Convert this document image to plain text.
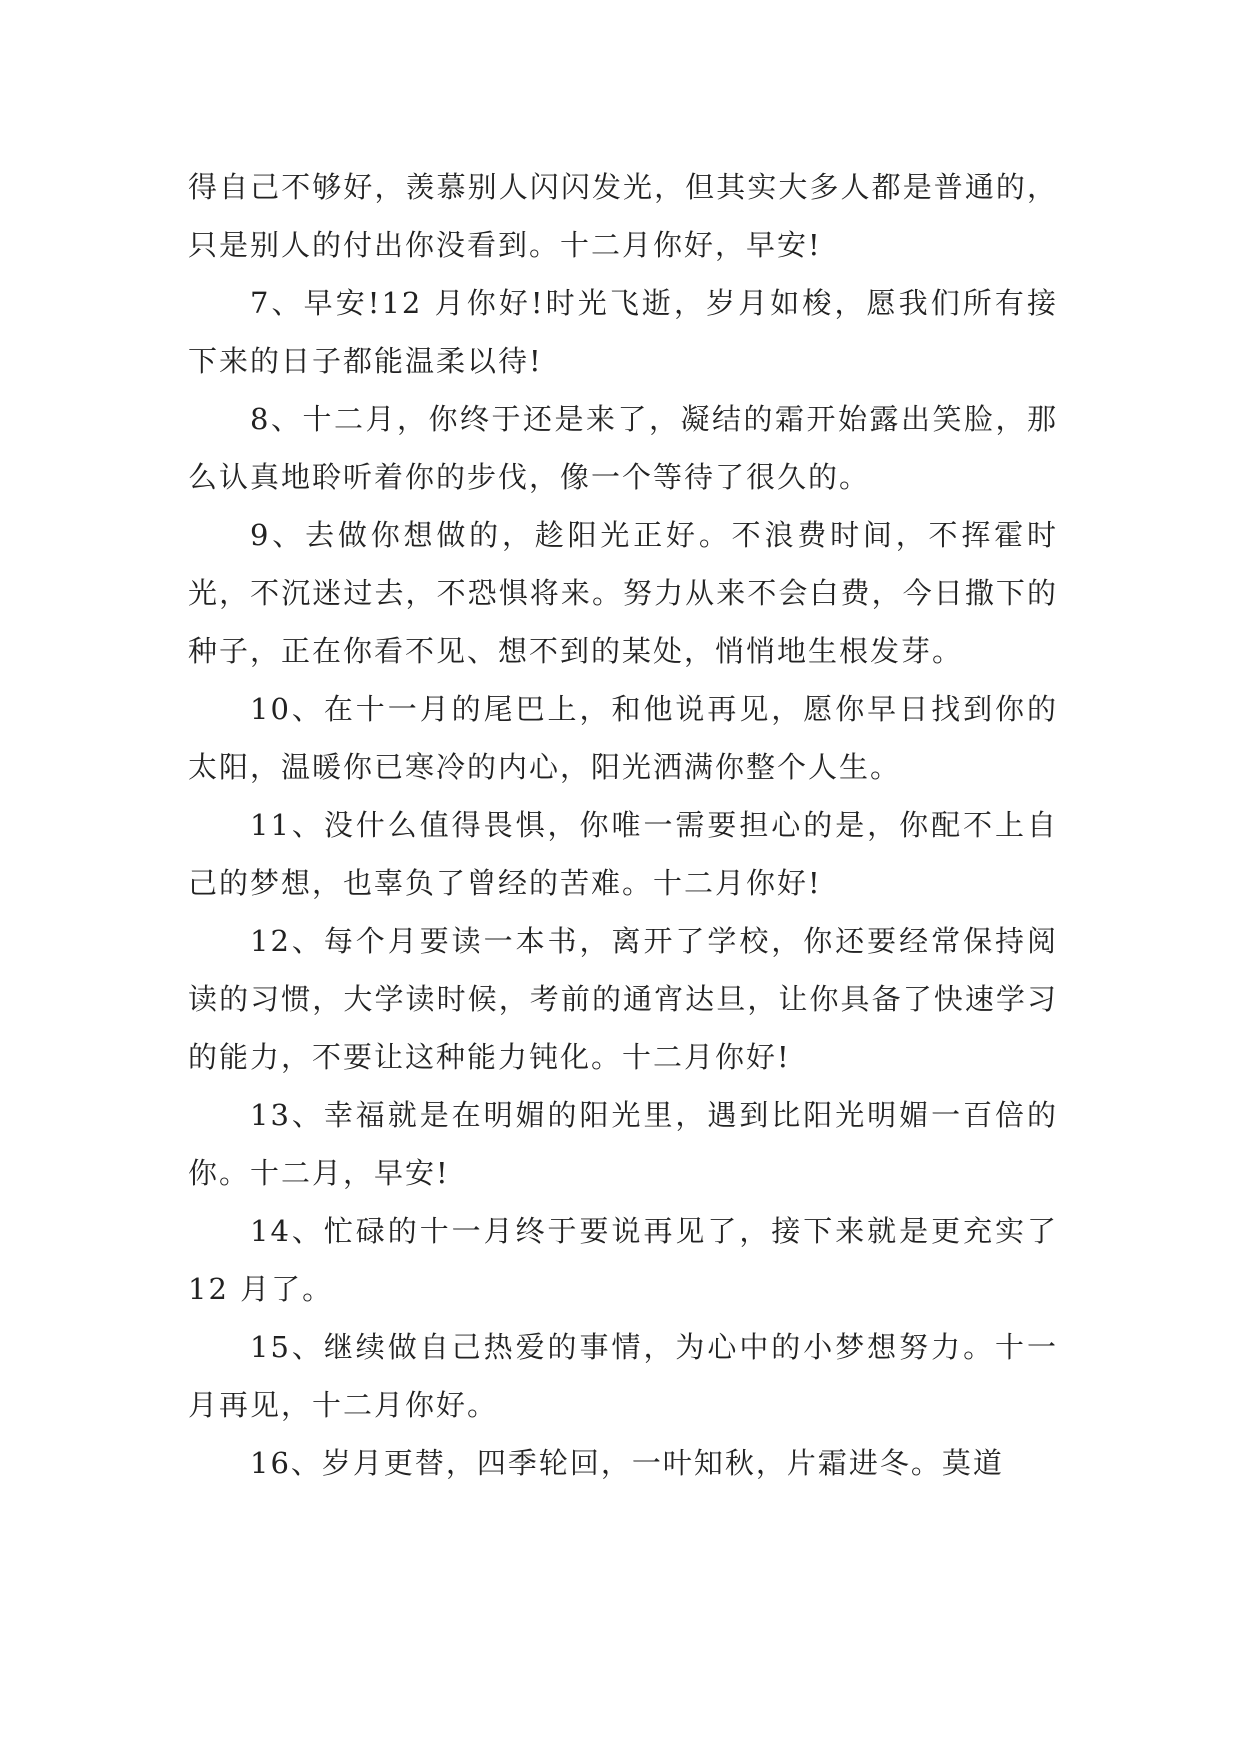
得自己不够好，羡慕别人闪闪发光，但其实大多人都是普通的，只是别人的付出你没看到。十二月你好，早安!

7、早安!12 月你好!时光飞逝，岁月如梭，愿我们所有接下来的日子都能温柔以待!

8、十二月，你终于还是来了，凝结的霜开始露出笑脸，那么认真地聆听着你的步伐，像一个等待了很久的。

9、去做你想做的，趁阳光正好。不浪费时间，不挥霍时光，不沉迷过去，不恐惧将来。努力从来不会白费，今日撒下的种子，正在你看不见、想不到的某处，悄悄地生根发芽。

10、在十一月的尾巴上，和他说再见，愿你早日找到你的太阳，温暖你已寒冷的内心，阳光洒满你整个人生。

11、没什么值得畏惧，你唯一需要担心的是，你配不上自己的梦想，也辜负了曾经的苦难。十二月你好!

12、每个月要读一本书，离开了学校，你还要经常保持阅读的习惯，大学读时候，考前的通宵达旦，让你具备了快速学习的能力，不要让这种能力钝化。十二月你好!

13、幸福就是在明媚的阳光里，遇到比阳光明媚一百倍的你。十二月，早安!

14、忙碌的十一月终于要说再见了，接下来就是更充实了 12 月了。

15、继续做自己热爱的事情，为心中的小梦想努力。十一月再见，十二月你好。

16、岁月更替，四季轮回，一叶知秋，片霜进冬。莫道
